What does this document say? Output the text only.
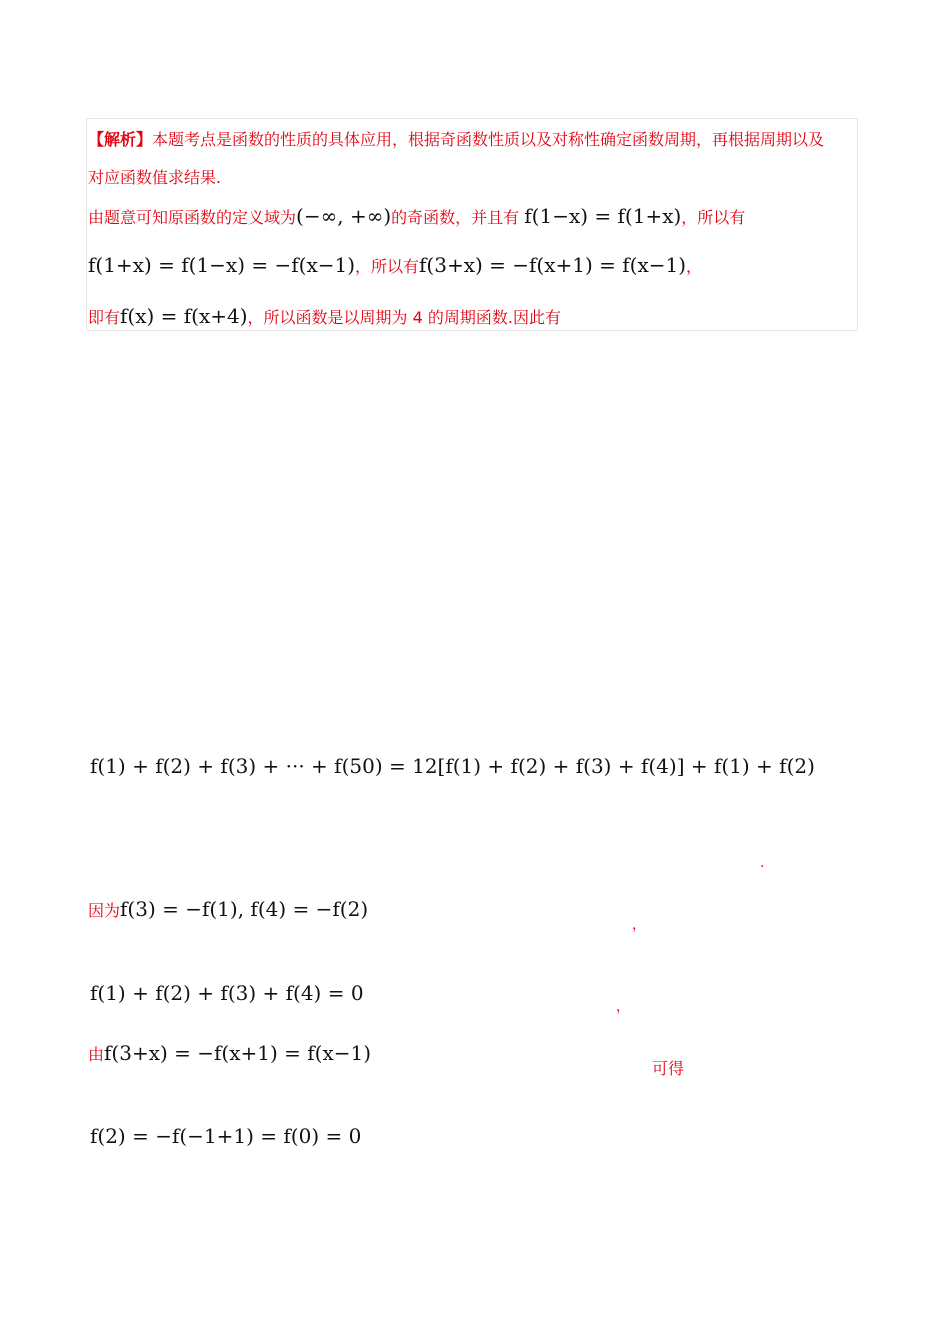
【解析】本题考点是函数的性质的具体应用，根据奇函数性质以及对称性确定函数周期，再根据周期以及
对应函数值求结果.
由题意可知原函数的定义域为(−∞, +∞)的奇函数，并且有 f(1−x) = f(1+x)，所以有
f(1+x) = f(1−x) = −f(x−1)，所以有f(3+x) = −f(x+1) = f(x−1)，
即有f(x) = f(x+4)，所以函数是以周期为 4 的周期函数.因此有
f(1) + f(2) + f(3) + ··· + f(50) = 12[f(1) + f(2) + f(3) + f(4)] + f(1) + f(2)
.
因为f(3) = −f(1), f(4) = −f(2)
，
f(1) + f(2) + f(3) + f(4) = 0
，
由f(3+x) = −f(x+1) = f(x−1)
可得
f(2) = −f(−1+1) = f(0) = 0
